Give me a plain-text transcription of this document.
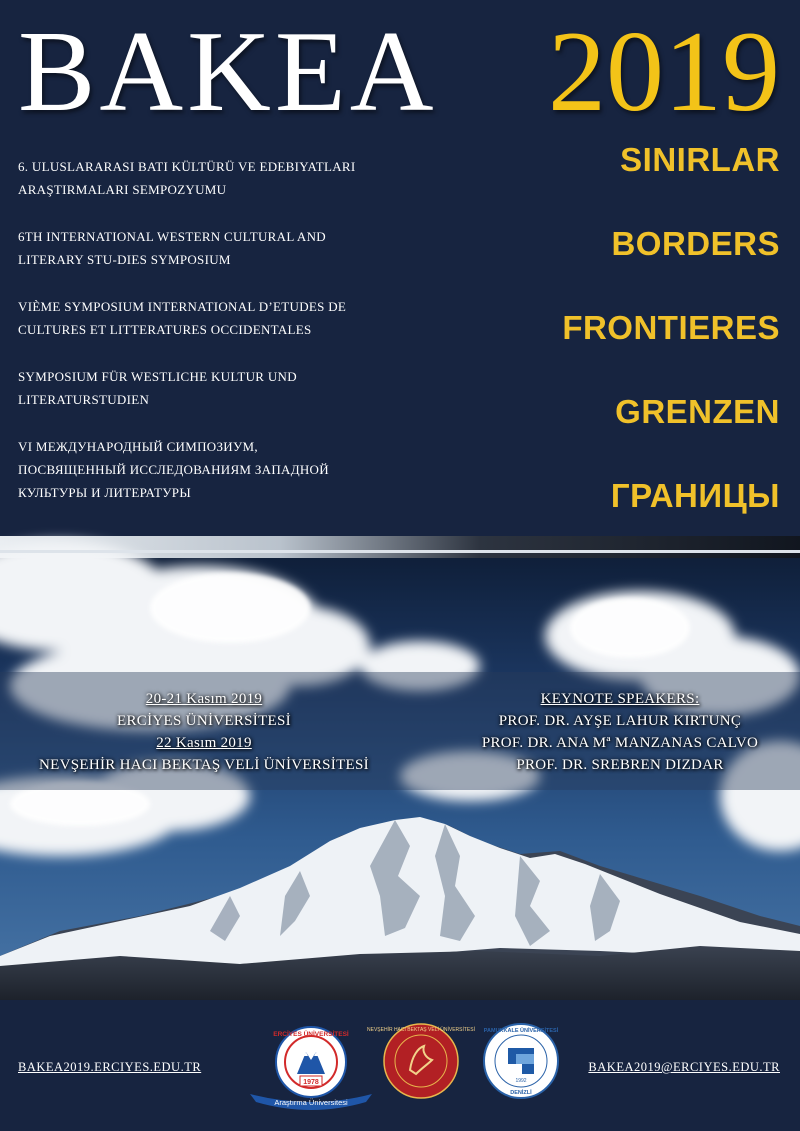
BAKEA 2019
6. ULUSLARARASI BATI KÜLTÜRÜ VE EDEBIYATLARI
ARAŞTIRMALARI SEMPOZYUMU
6TH INTERNATIONAL WESTERN CULTURAL AND
LITERARY STU-DIES SYMPOSIUM
VIÈME SYMPOSIUM INTERNATIONAL D’ETUDES DE
CULTURES ET LITTERATURES OCCIDENTALES
SYMPOSIUM FÜR WESTLICHE KULTUR UND
LITERATURSTUDIEN
VI МЕЖДУНАРОДНЫЙ СИМПОЗИУМ,
ПОСВЯЩЕННЫЙ ИССЛЕДОВАНИЯМ ЗАПАДНОЙ
КУЛЬТУРЫ И ЛИТЕРАТУРЫ
SINIRLAR
BORDERS
FRONTIERES
GRENZEN
ГРАНИЦЫ
20-21 Kasım 2019
ERCİYES ÜNİVERSİTESİ
22 Kasım 2019
NEVŞEHİR HACI BEKTAŞ VELİ ÜNİVERSİTESİ
KEYNOTE SPEAKERS:
PROF. DR. AYŞE LAHUR KIRTUNÇ
PROF. DR. ANA Mª MANZANAS CALVO
PROF. DR. SREBREN DIZDAR
BAKEA2019.ERCIYES.EDU.TR	BAKEA2019@ERCIYES.EDU.TR
1978
Araştırma Üniversitesi
ERCİYES ÜNİVERSİTESİ
NEVŞEHİR HACI BEKTAŞ VELİ ÜNİVERSİTESİ PAMUKKALE ÜNİVERSİTESİ
1992
DENİZLİ
